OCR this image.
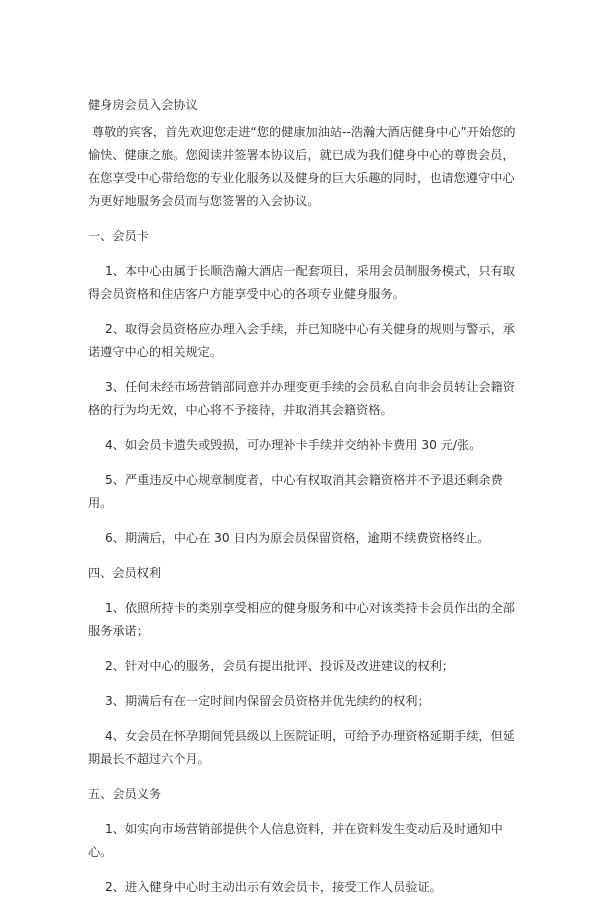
健身房会员入会协议

尊敬的宾客，首先欢迎您走进“您的健康加油站--浩瀚大酒店健身中心”开始您的愉快、健康之旅。您阅读并签署本协议后，就已成为我们健身中心的尊贵会员，在您享受中心带给您的专业化服务以及健身的巨大乐趣的同时，也请您遵守中心为更好地服务会员而与您签署的入会协议。

一、会员卡

1、本中心由属于长顺浩瀚大酒店一配套项目，采用会员制服务模式，只有取得会员资格和住店客户方能享受中心的各项专业健身服务。

2、取得会员资格应办理入会手续，并已知晓中心有关健身的规则与警示，承诺遵守中心的相关规定。

3、任何未经市场营销部同意并办理变更手续的会员私自向非会员转让会籍资格的行为均无效，中心将不予接待，并取消其会籍资格。

4、如会员卡遗失或毁损，可办理补卡手续并交纳补卡费用 30 元/张。

5、严重违反中心规章制度者，中心有权取消其会籍资格并不予退还剩余费用。

6、期满后，中心在 30 日内为原会员保留资格，逾期不续费资格终止。

四、会员权利

1、依照所持卡的类别享受相应的健身服务和中心对该类持卡会员作出的全部服务承诺；

2、针对中心的服务，会员有提出批评、投诉及改进建议的权利；

3、期满后有在一定时间内保留会员资格并优先续约的权利；

4、女会员在怀孕期间凭县级以上医院证明，可给予办理资格延期手续，但延期最长不超过六个月。

五、会员义务

1、如实向市场营销部提供个人信息资料，并在资料发生变动后及时通知中心。

2、进入健身中心时主动出示有效会员卡，接受工作人员验证。
